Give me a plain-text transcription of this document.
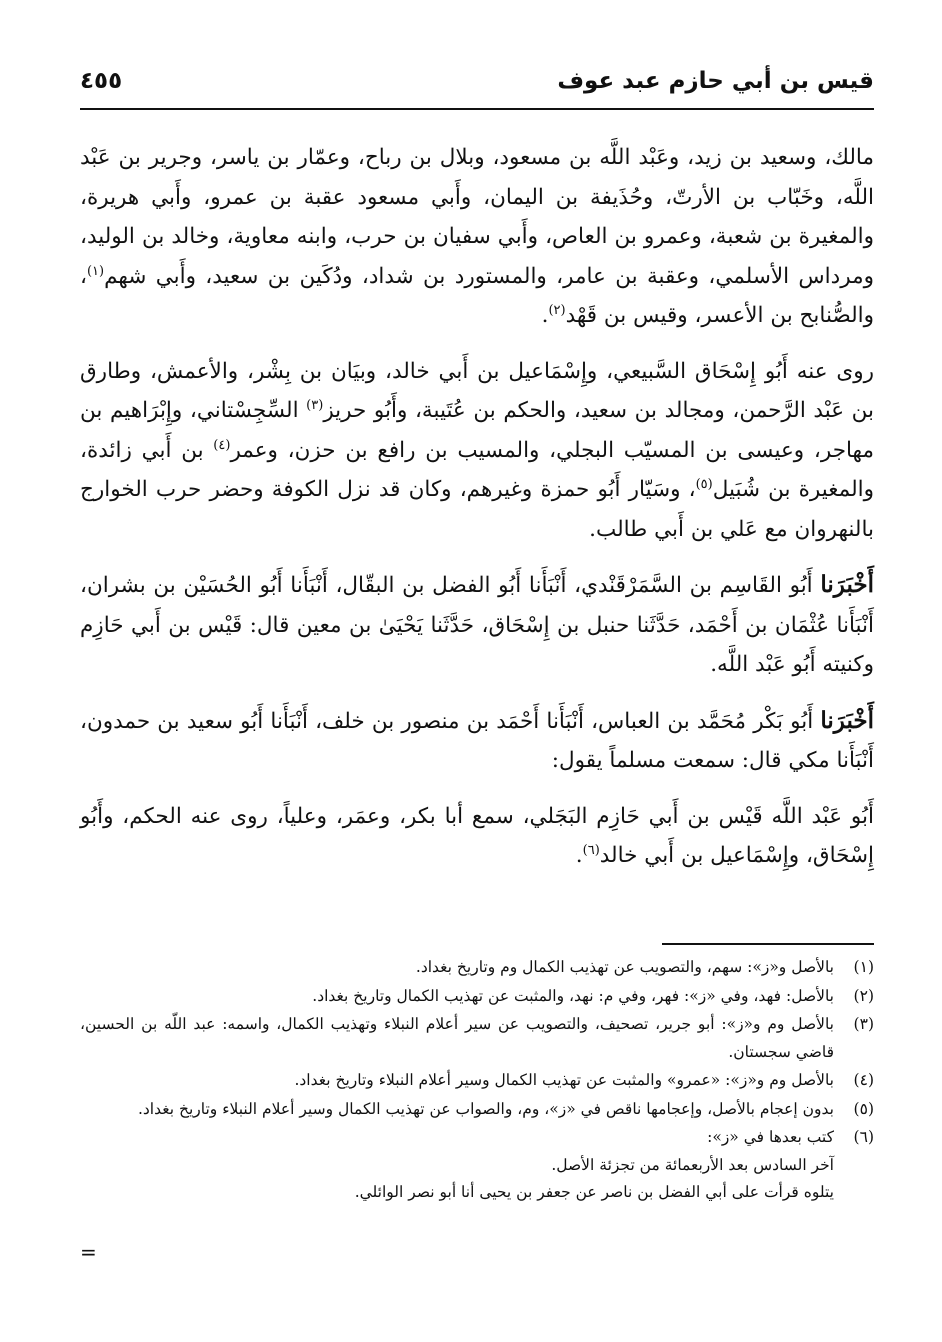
قيس بن أبي حازم عبد عوف
٤٥٥

مالك، وسعيد بن زيد، وعَبْد اللَّه بن مسعود، وبلال بن رباح، وعمّار بن ياسر، وجرير بن عَبْد اللَّه، وخَبّاب بن الأرتّ، وحُذَيفة بن اليمان، وأَبي مسعود عقبة بن عمرو، وأَبي هريرة، والمغيرة بن شعبة، وعمرو بن العاص، وأَبي سفيان بن حرب، وابنه معاوية، وخالد بن الوليد، ومرداس الأسلمي، وعقبة بن عامر، والمستورد بن شداد، ودُكَين بن سعيد، وأَبي شهم$^{(١)}$، والصُّنابح بن الأعسر، وقيس بن قَهْد$^{(٢)}$.

روى عنه أَبُو إِسْحَاق السَّبيعي، وإِسْمَاعيل بن أَبي خالد، وبيَان بن بِشْر، والأعمش، وطارق بن عَبْد الرَّحمن، ومجالد بن سعيد، والحكم بن عُتَيبة، وأَبُو حريز$^{(٣)}$ السِّجِسْتاني، وإِبْرَاهيم بن مهاجر، وعيسى بن المسيّب البجلي، والمسيب بن رافع بن حزن، وعمر$^{(٤)}$ بن أَبي زائدة، والمغيرة بن شُبَيل$^{(٥)}$، وسَيّار أَبُو حمزة وغيرهم، وكان قد نزل الكوفة وحضر حرب الخوارج بالنهروان مع عَلي بن أَبي طالب.

أَخْبَرَنا أَبُو القَاسِم بن السَّمَرْقَنْدي، أَنْبَأَنا أَبُو الفضل بن البقّال، أَنْبَأَنا أَبُو الحُسَيْن بن بشران، أَنْبَأَنا عُثْمَان بن أَحْمَد، حَدَّثَنا حنبل بن إِسْحَاق، حَدَّثَنا يَحْيَىٰ بن معين قال: قَيْس بن أَبي حَازِم وكنيته أَبُو عَبْد اللَّه.

أَخْبَرَنا أَبُو بَكْر مُحَمَّد بن العباس، أَنْبَأَنا أَحْمَد بن منصور بن خلف، أَنْبَأَنا أَبُو سعيد بن حمدون، أَنْبَأَنا مكي قال: سمعت مسلماً يقول:

أَبُو عَبْد اللَّه قَيْس بن أَبي حَازِم البَجَلي، سمع أبا بكر، وعمَر، وعلياً، روى عنه الحكم، وأَبُو إِسْحَاق، وإِسْمَاعيل بن أَبي خالد$^{(٦)}$.

(١)
بالأصل و«ز»: سهم، والتصويب عن تهذيب الكمال وم وتاريخ بغداد.
(٢)
بالأصل: فهد، وفي «ز»: فهر، وفي م: نهد، والمثبت عن تهذيب الكمال وتاريخ بغداد.
(٣)
بالأصل وم و«ز»: أبو جرير، تصحيف، والتصويب عن سير أعلام النبلاء وتهذيب الكمال، واسمه: عبد اللّه بن الحسين، قاضي سجستان.
(٤)
بالأصل وم و«ز»: «عمرو» والمثبت عن تهذيب الكمال وسير أعلام النبلاء وتاريخ بغداد.
(٥)
بدون إعجام بالأصل، وإعجامها ناقص في «ز»، وم، والصواب عن تهذيب الكمال وسير أعلام النبلاء وتاريخ بغداد.
(٦)
كتب بعدها في «ز»:
آخر السادس بعد الأربعمائة من تجزئة الأصل.
يتلوه قرأت على أبي الفضل بن ناصر عن جعفر بن يحيى أنا أبو نصر الوائلي.
=
